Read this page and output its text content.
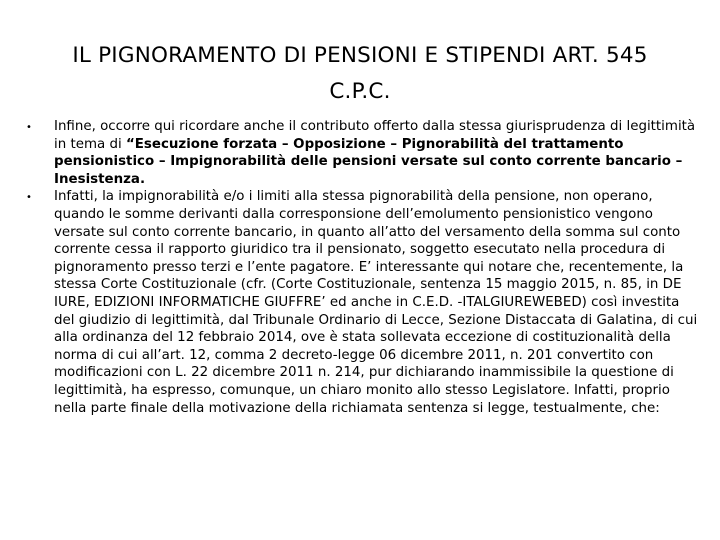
IL PIGNORAMENTO DI PENSIONI E STIPENDI ART. 545 C.P.C.
•	Infine, occorre qui ricordare anche il contributo offerto dalla stessa giurisprudenza di legittimità in tema di “Esecuzione forzata – Opposizione – Pignorabilità del trattamento pensionistico – Impignorabilità delle pensioni versate sul conto corrente bancario – Inesistenza.
•	Infatti, la impignorabilità e/o i limiti alla stessa pignorabilità della pensione, non operano, quando le somme derivanti dalla corresponsione dell’emolumento pensionistico vengono versate sul conto corrente bancario, in quanto all’atto del versamento della somma sul conto corrente cessa il rapporto giuridico tra il pensionato, soggetto esecutato nella procedura di pignoramento presso terzi e l’ente pagatore. E’ interessante qui notare che, recentemente, la stessa Corte Costituzionale (cfr. (Corte Costituzionale, sentenza 15 maggio 2015, n. 85, in DE IURE, EDIZIONI INFORMATICHE GIUFFRE’ ed anche in C.E.D. -ITALGIUREWEBED) così investita del giudizio di legittimità, dal Tribunale Ordinario di Lecce, Sezione Distaccata di Galatina, di cui alla ordinanza del 12 febbraio 2014, ove è stata sollevata eccezione di costituzionalità della norma di cui all’art. 12, comma 2 decreto-legge 06 dicembre 2011, n. 201 convertito con modificazioni con L. 22 dicembre 2011 n. 214, pur dichiarando inammissibile la questione di legittimità, ha espresso, comunque, un chiaro monito allo stesso Legislatore. Infatti, proprio nella parte finale della motivazione della richiamata sentenza si legge, testualmente, che:
